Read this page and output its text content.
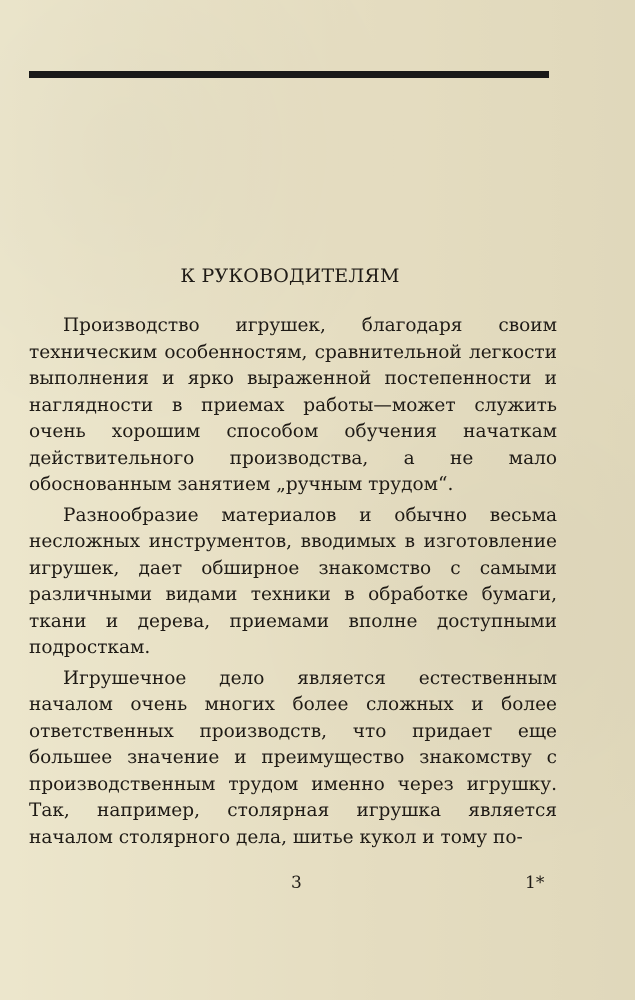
К РУКОВОДИТЕЛЯМ

Производство игрушек, благодаря своим техническим особенностям, сравнительной легкости выполнения и ярко выраженной постепенности и наглядности в приемах работы—может служить очень хорошим способом обучения начаткам действительного производства, а не мало обоснованным занятием „ручным трудом“.

Разнообразие материалов и обычно весьма несложных инструментов, вводимых в изготовление игрушек, дает обширное знакомство с самыми различными видами техники в обработке бумаги, ткани и дерева, приемами вполне доступными подросткам.

Игрушечное дело является естественным началом очень многих более сложных и более ответственных производств, что придает еще большее значение и преимущество знакомству с производственным трудом именно через игрушку. Так, например, столярная игрушка является началом столярного дела, шитье кукол и тому по-

3	1*
